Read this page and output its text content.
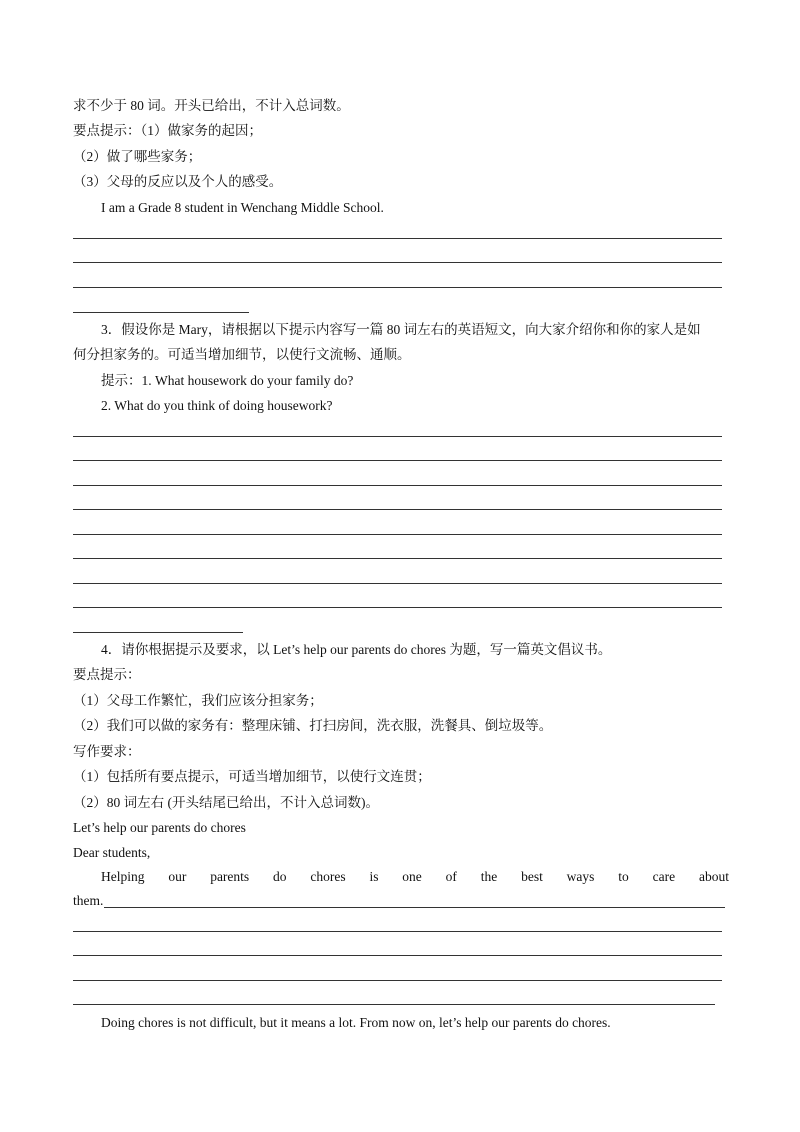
求不少于 80 词。开头已给出，不计入总词数。
要点提示：（1）做家务的起因；
（2）做了哪些家务；
（3）父母的反应以及个人的感受。
I am a Grade 8 student in Wenchang Middle School.
3．假设你是 Mary，请根据以下提示内容写一篇 80 词左右的英语短文，向大家介绍你和你的家人是如
何分担家务的。可适当增加细节，以使行文流畅、通顺。
提示：1. What housework do your family do?
2. What do you think of doing housework?
4．请你根据提示及要求，以 Let’s help our parents do chores 为题，写一篇英文倡议书。
要点提示：
（1）父母工作繁忙，我们应该分担家务；
（2）我们可以做的家务有：整理床铺、打扫房间，洗衣服，洗餐具、倒垃圾等。
写作要求：
（1）包括所有要点提示，可适当增加细节，以使行文连贯；
（2）80 词左右 (开头结尾已给出，不计入总词数)。
Let’s help our parents do chores
Dear students,
Helping our parents do chores is one of the best ways to care about
them.
Doing chores is not difficult, but it means a lot. From now on, let’s help our parents do chores.
